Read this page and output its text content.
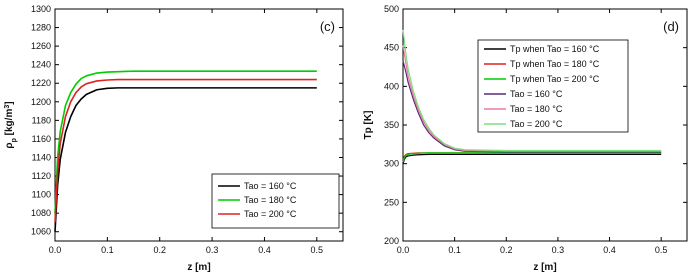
0.0	0.1	0.2	0.3	0.4	0.5
1060
1080
1100
1120
1140
1160
1180
1200
1220
1240
1260
1280
1300
z [m]
$\rho_p$ $[kg/m^3]$
(c)
Tao = 160 °C
Tao = 180 °C
Tao = 200 °C
0.0	0.1	0.2	0.3	0.4	0.5
200
250
300
350
400
450
500
z [m]
Tp [K]
(d)
Tp when Tao = 160 °C
Tp when Tao = 180 °C
Tp when Tao = 200 °C
Tao = 160 °C
Tao = 180 °C
Tao = 200 °C
